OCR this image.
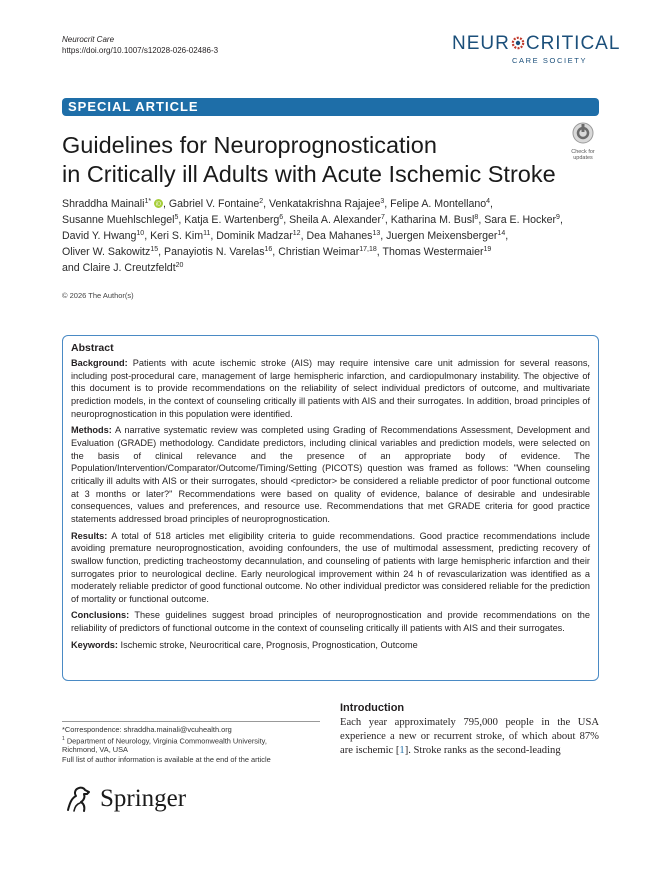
Neurocrit Care
https://doi.org/10.1007/s12028-026-02486-3	NEUR CRITICAL
CARE SOCIETY
SPECIAL ARTICLE
Guidelines for Neuroprognostication
in Critically ill Adults with Acute Ischemic Stroke
Check for
updates
Shraddha Mainali$^{1*}$ iD , Gabriel V. Fontaine$^2$, Venkatakrishna Rajajee$^3$, Felipe A. Montellano$^4$,
Susanne Muehlschlegel$^5$, Katja E. Wartenberg$^6$, Sheila A. Alexander$^7$, Katharina M. Busl$^8$, Sara E. Hocker$^9$,
David Y. Hwang$^{10}$, Keri S. Kim$^{11}$, Dominik Madzar$^{12}$, Dea Mahanes$^{13}$, Juergen Meixensberger$^{14}$,
Oliver W. Sakowitz$^{15}$, Panayiotis N. Varelas$^{16}$, Christian Weimar$^{17,18}$, Thomas Westermaier$^{19}$
and Claire J. Creutzfeldt$^{20}$
© 2026 The Author(s)
Abstract

Background: Patients with acute ischemic stroke (AIS) may require intensive care unit admission for several reasons, including post-procedural care, management of large hemispheric infarction, and cardiopulmonary instability. The objective of this document is to provide recommendations on the reliability of select individual predictors of outcome, and multivariate prediction models, in the context of counseling critically ill patients with AIS and their surrogates. In addition, broad principles of neuroprognostication in this population were identified.

Methods: A narrative systematic review was completed using Grading of Recommendations Assessment, Development and Evaluation (GRADE) methodology. Candidate predictors, including clinical variables and prediction models, were selected on the basis of clinical relevance and the presence of an appropriate body of evidence. The Population/Intervention/Comparator/Outcome/Timing/Setting (PICOTS) question was framed as follows: "When counseling critically ill adults with AIS or their surrogates, should <predictor> be considered a reliable predictor of poor functional outcome at 3 months or later?" Recommendations were based on quality of evidence, balance of desirable and undesirable consequences, values and preferences, and resource use. Recommendations that met GRADE criteria for good practice statements addressed broad principles of neuroprognostication.

Results: A total of 518 articles met eligibility criteria to guide recommendations. Good practice recommendations include avoiding premature neuroprognostication, avoiding confounders, the use of multimodal assessment, predicting recovery of swallow function, predicting tracheostomy decannulation, and counseling of patients with large hemispheric infarction and their surrogates prior to neurological decline. Early neurological improvement within 24 h of revascularization was identified as a moderately reliable predictor of good functional outcome. No other individual predictor was considered reliable for the prediction of mortality or functional outcome.

Conclusions: These guidelines suggest broad principles of neuroprognostication and provide recommendations on the reliability of predictors of functional outcome in the context of counseling critically ill patients with AIS and their surrogates.

Keywords: Ischemic stroke, Neurocritical care, Prognosis, Prognostication, Outcome

*Correspondence: shraddha.mainali@vcuhealth.org
$^1$ Department of Neurology, Virginia Commonwealth University,
Richmond, VA, USA
Full list of author information is available at the end of the article
Introduction
Each year approximately 795,000 people in the USA experience a new or recurrent stroke, of which about 87% are ischemic [1]. Stroke ranks as the second-leading
Springer
